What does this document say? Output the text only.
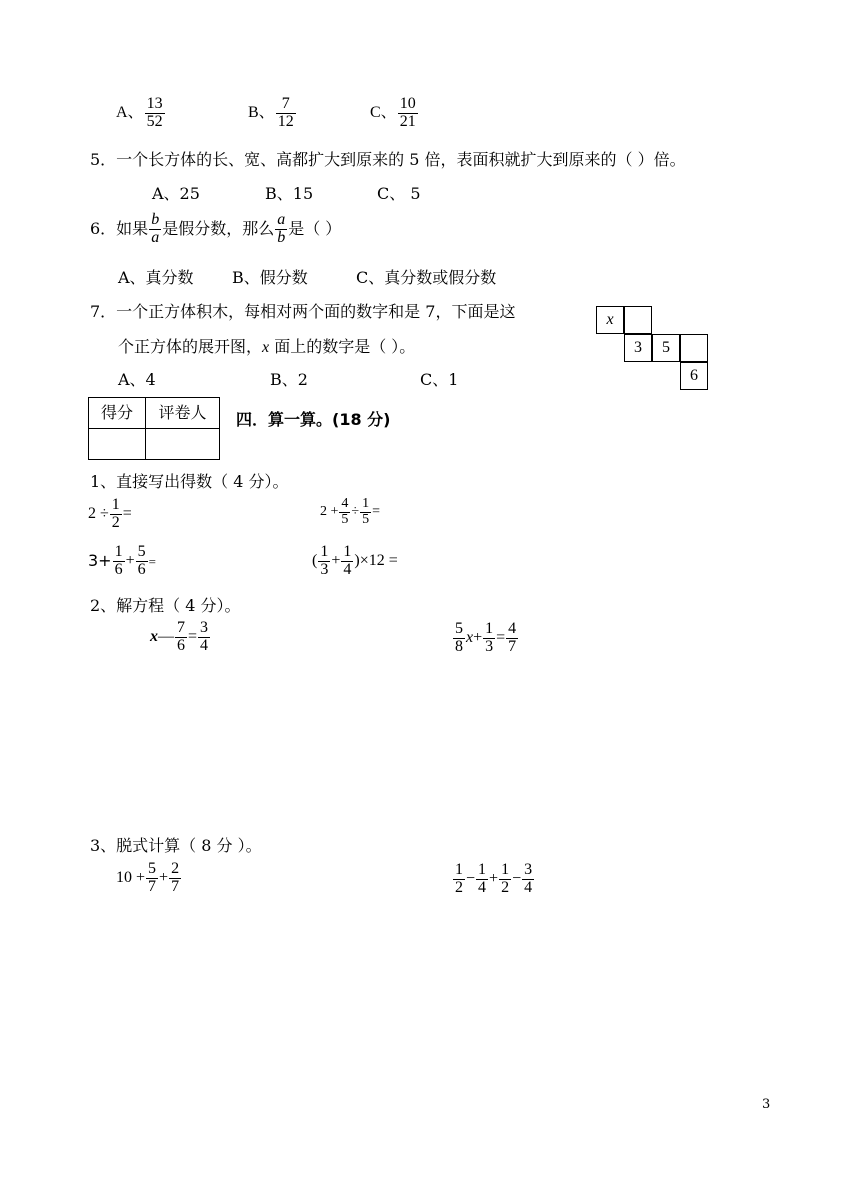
A、 $\frac{13}{52}$	B、 $\frac{7}{12}$	C、 $\frac{10}{21}$
5．一个长方体的长、宽、高都扩大到原来的 5 倍，表面积就扩大到原来的（ ）倍。
A、25	B、15	C、 5
6．如果 $\frac{b}{a}$ 是假分数，那么 $\frac{a}{b}$ 是（ ）
A、真分数 B、假分数	C、真分数或假分数
7．一个正方体积木，每相对两个面的数字和是 7，下面是这
个正方体的展开图，x 面上的数字是（ ）。
A、4	B、2	C、1
x
3	5
6
得分	评卷人
	四．算一算。(18 分)
1、直接写出得数（ 4 分）。
$2 \div \frac{1}{2}$ =	$2 + \frac{4}{5} \div \frac{1}{5}$ =
$3+ \frac{1}{6} + \frac{5}{6}$ =	( $\frac{1}{3} + \frac{1}{4} )\times 12$ =
2、解方程（ 4 分）。
x — $\frac{7}{6} = \frac{3}{4}$	$\frac{5}{8}$ $x + \frac{1}{3} = \frac{4}{7}$
3、脱式计算（ 8 分 ）。
$10 + \frac{5}{7} + \frac{2}{7}$	$\frac{1}{2} - \frac{1}{4} + \frac{1}{2} - \frac{3}{4}$
3
